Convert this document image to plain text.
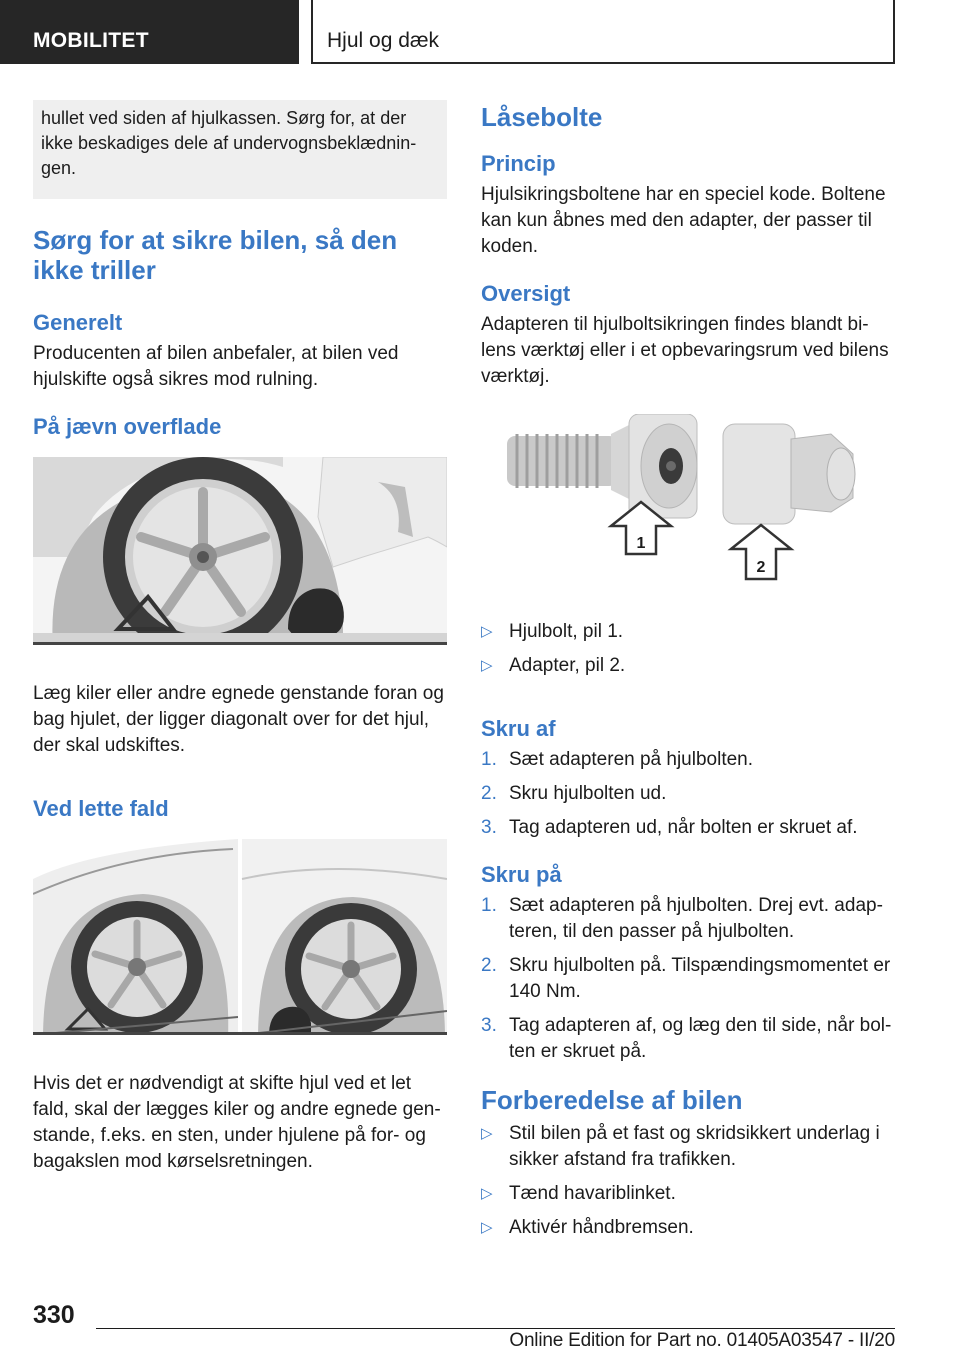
MOBILITET	Hjul og dæk
hullet ved siden af hjulkassen. Sørg for, at der ikke beskadiges dele af undervognsbeklædnin‐gen.
Sørg for at sikre bilen, så den ikke triller
Generelt

Producenten af bilen anbefaler, at bilen ved hjulskifte også sikres mod rulning.

På jævn overflade

Læg kiler eller andre egnede genstande foran og bag hjulet, der ligger diagonalt over for det hjul, der skal udskiftes.

Ved lette fald

Hvis det er nødvendigt at skifte hjul ved et let fald, skal der lægges kiler og andre egnede gen‐stande, f.eks. en sten, under hjulene på for- og bagakslen mod kørselsretningen.

Låsebolte
Princip

Hjulsikringsboltene har en speciel kode. Boltene kan kun åbnes med den adapter, der passer til koden.

Oversigt

Adapteren til hjulboltsikringen findes blandt bi‐lens værktøj eller i et opbevaringsrum ved bilens værktøj.

1
2
▷ Hjulbolt, pil 1.
▷ Adapter, pil 2.
Skru af
1. Sæt adapteren på hjulbolten.
2. Skru hjulbolten ud.
3. Tag adapteren ud, når bolten er skruet af.
Skru på
1. Sæt adapteren på hjulbolten. Drej evt. adap‐teren, til den passer på hjulbolten.
2. Skru hjulbolten på. Tilspændingsmomentet er 140 Nm.
3. Tag adapteren af, og læg den til side, når bol‐ten er skruet på.
Forberedelse af bilen
▷ Stil bilen på et fast og skridsikkert underlag i sikker afstand fra trafikken.
▷ Tænd havariblinket.
▷ Aktivér håndbremsen.
330
Online Edition for Part no. 01405A03547 - II/20
